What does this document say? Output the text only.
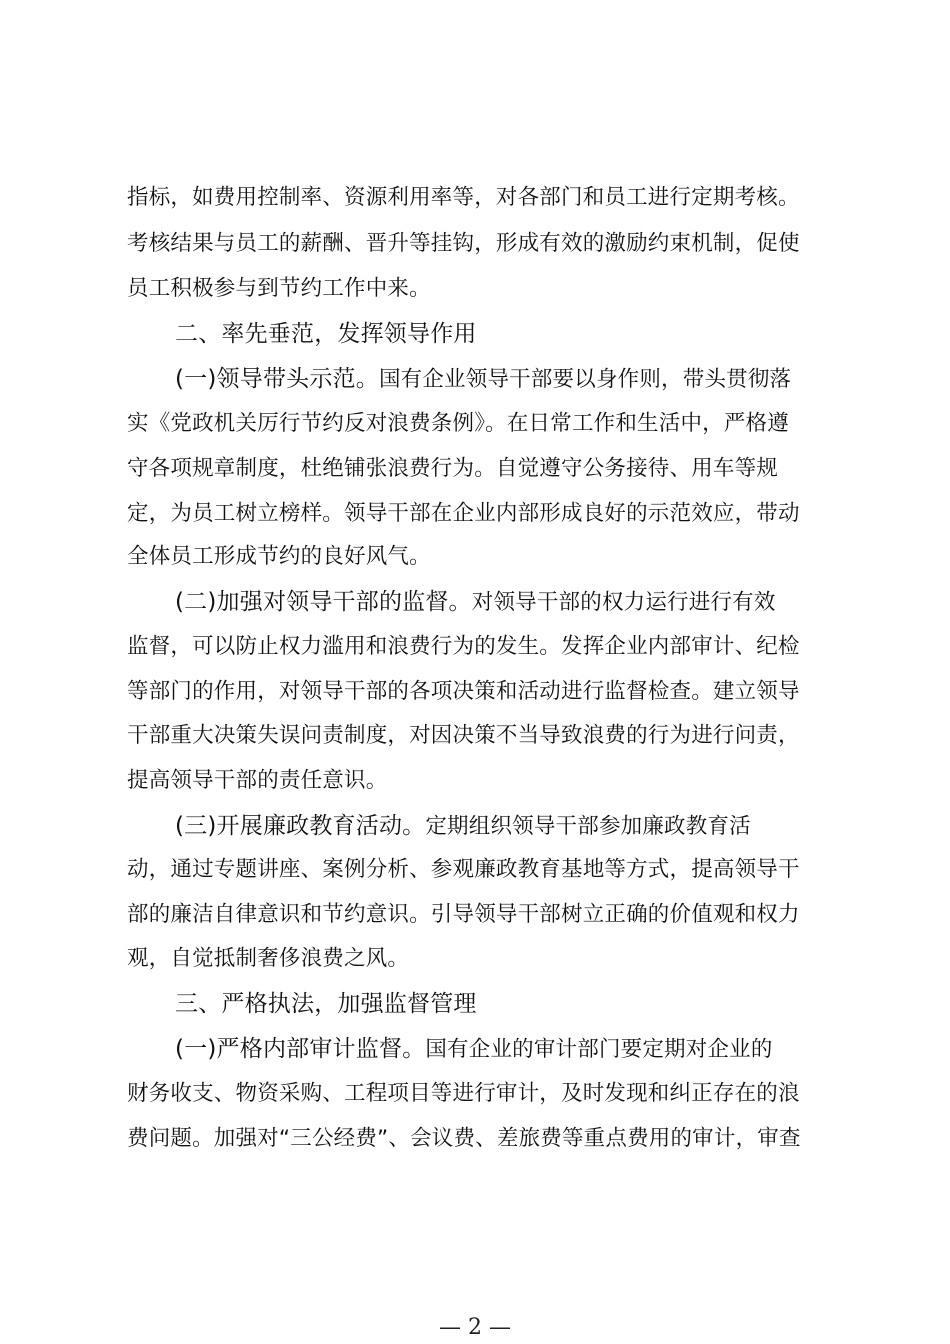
指标，如费用控制率、资源利用率等，对各部门和员工进行定期考核。
考核结果与员工的薪酬、晋升等挂钩，形成有效的激励约束机制，促使
员工积极参与到节约工作中来。
二、率先垂范，发挥领导作用
(一)领导带头示范。国有企业领导干部要以身作则，带头贯彻落
实《党政机关厉行节约反对浪费条例》。在日常工作和生活中，严格遵
守各项规章制度，杜绝铺张浪费行为。自觉遵守公务接待、用车等规
定，为员工树立榜样。领导干部在企业内部形成良好的示范效应，带动
全体员工形成节约的良好风气。
(二)加强对领导干部的监督。对领导干部的权力运行进行有效
监督，可以防止权力滥用和浪费行为的发生。发挥企业内部审计、纪检
等部门的作用，对领导干部的各项决策和活动进行监督检查。建立领导
干部重大决策失误问责制度，对因决策不当导致浪费的行为进行问责，
提高领导干部的责任意识。
(三)开展廉政教育活动。定期组织领导干部参加廉政教育活
动，通过专题讲座、案例分析、参观廉政教育基地等方式，提高领导干
部的廉洁自律意识和节约意识。引导领导干部树立正确的价值观和权力
观，自觉抵制奢侈浪费之风。
三、严格执法，加强监督管理
(一)严格内部审计监督。国有企业的审计部门要定期对企业的
财务收支、物资采购、工程项目等进行审计，及时发现和纠正存在的浪
费问题。加强对“三公经费”、会议费、差旅费等重点费用的审计，审查
— 2 —
